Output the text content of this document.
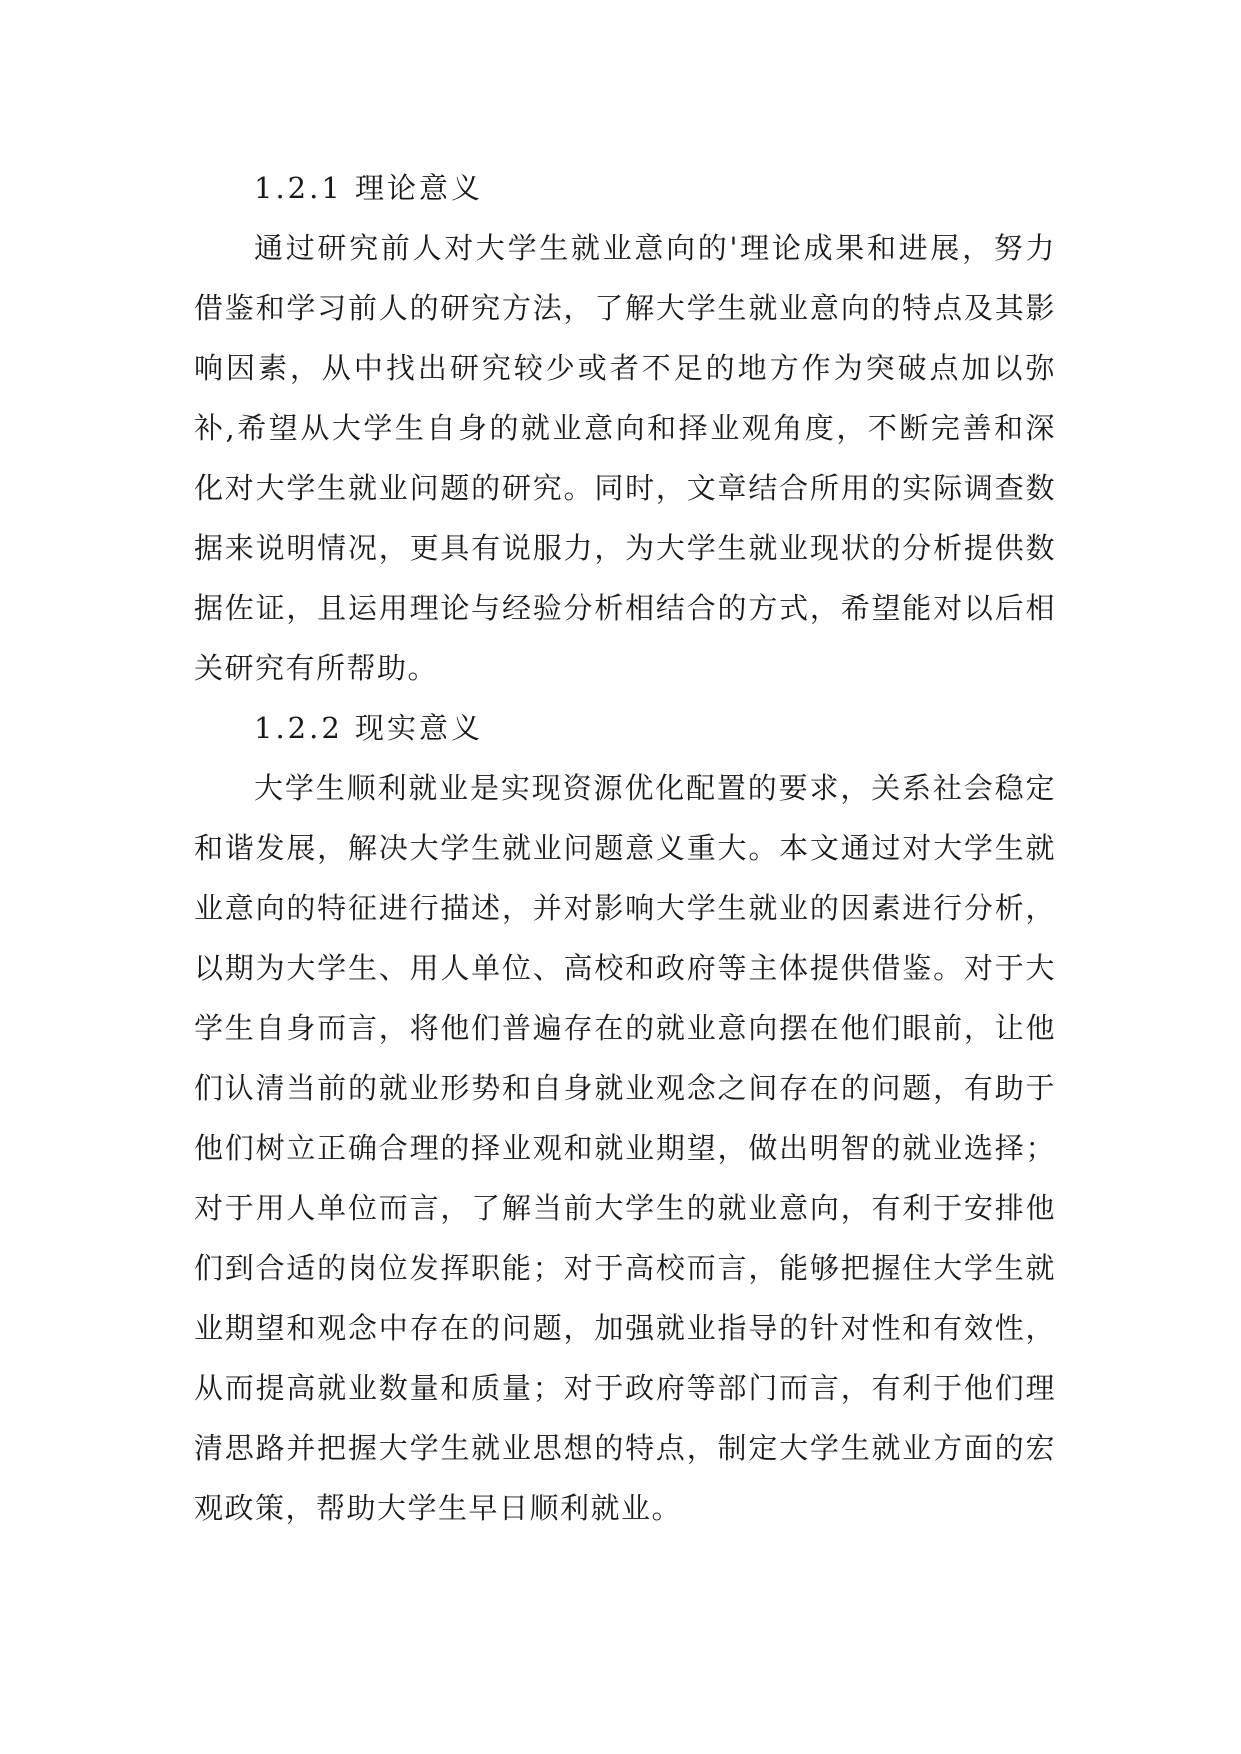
1.2.1 理论意义

通过研究前人对大学生就业意向的'理论成果和进展，努力借鉴和学习前人的研究方法，了解大学生就业意向的特点及其影响因素，从中找出研究较少或者不足的地方作为突破点加以弥补,希望从大学生自身的就业意向和择业观角度，不断完善和深化对大学生就业问题的研究。同时，文章结合所用的实际调查数据来说明情况，更具有说服力，为大学生就业现状的分析提供数据佐证，且运用理论与经验分析相结合的方式，希望能对以后相关研究有所帮助。

1.2.2 现实意义

大学生顺利就业是实现资源优化配置的要求，关系社会稳定和谐发展，解决大学生就业问题意义重大。本文通过对大学生就业意向的特征进行描述，并对影响大学生就业的因素进行分析，以期为大学生、用人单位、高校和政府等主体提供借鉴。对于大学生自身而言，将他们普遍存在的就业意向摆在他们眼前，让他们认清当前的就业形势和自身就业观念之间存在的问题，有助于他们树立正确合理的择业观和就业期望，做出明智的就业选择；对于用人单位而言，了解当前大学生的就业意向，有利于安排他们到合适的岗位发挥职能；对于高校而言，能够把握住大学生就业期望和观念中存在的问题，加强就业指导的针对性和有效性，从而提高就业数量和质量；对于政府等部门而言，有利于他们理清思路并把握大学生就业思想的特点，制定大学生就业方面的宏观政策，帮助大学生早日顺利就业。
